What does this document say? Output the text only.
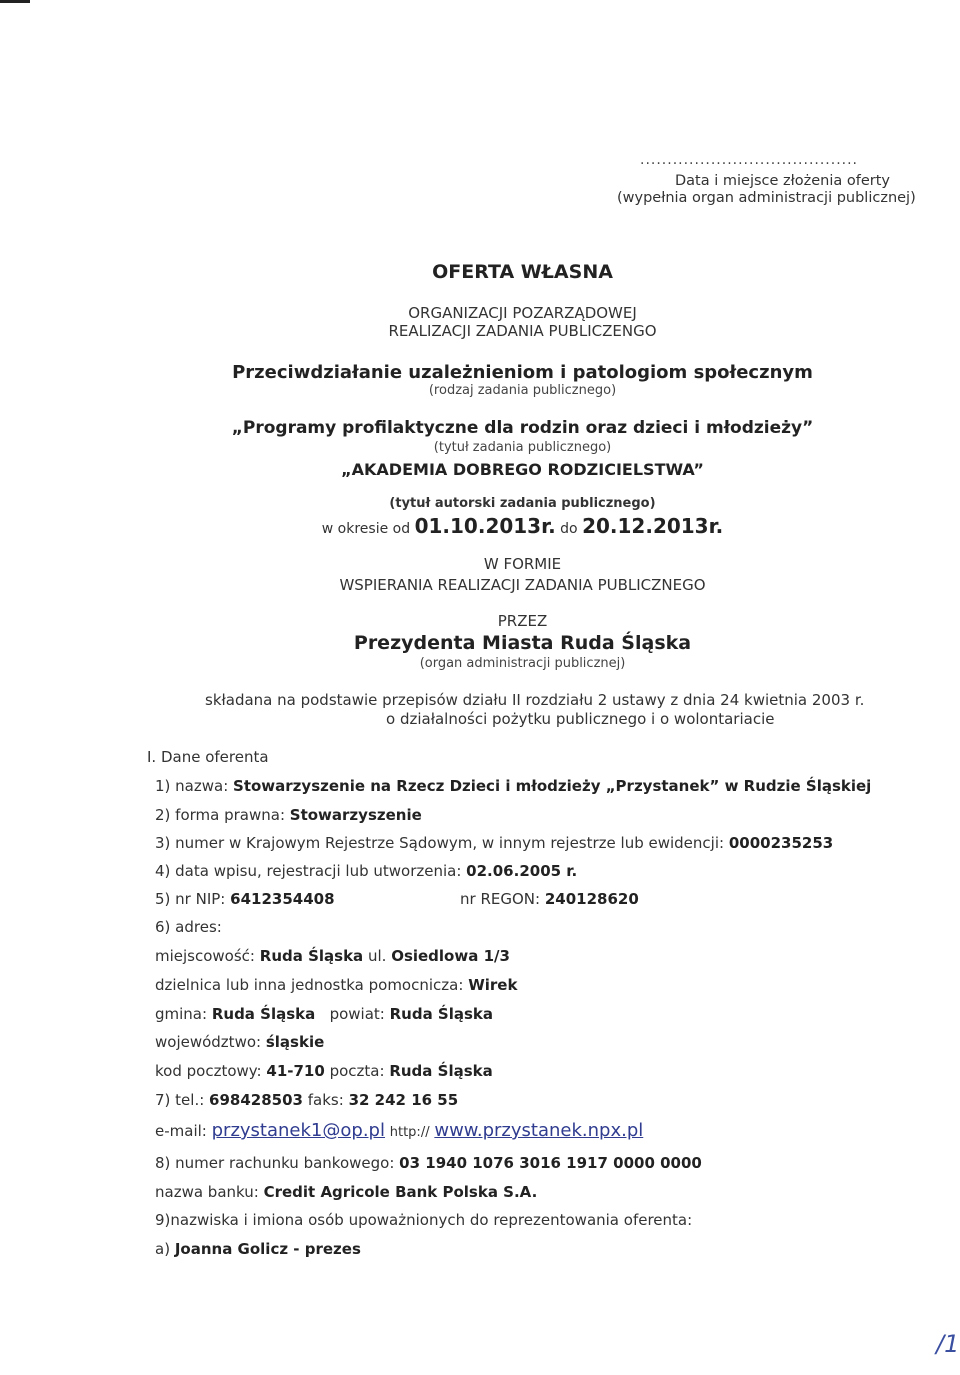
........................................
Data i miejsce złożenia oferty
(wypełnia organ administracji publicznej)
OFERTA WŁASNA
ORGANIZACJI POZARZĄDOWEJ
REALIZACJI ZADANIA PUBLICZENGO
Przeciwdziałanie uzależnieniom i patologiom społecznym
(rodzaj zadania publicznego)
„Programy profilaktyczne dla rodzin oraz dzieci i młodzieży”
(tytuł zadania publicznego)
„AKADEMIA DOBREGO RODZICIELSTWA”
(tytuł autorski zadania publicznego)
w okresie od 01.10.2013r. do 20.12.2013r.
W FORMIE
WSPIERANIA REALIZACJI ZADANIA PUBLICZNEGO
PRZEZ
Prezydenta Miasta Ruda Śląska
(organ administracji publicznej)
składana na podstawie przepisów działu II rozdziału 2 ustawy z dnia 24 kwietnia 2003 r.
o działalności pożytku publicznego i o wolontariacie
I. Dane oferenta
1) nazwa: Stowarzyszenie na Rzecz Dzieci i młodzieży „Przystanek” w Rudzie Śląskiej
2) forma prawna: Stowarzyszenie
3) numer w Krajowym Rejestrze Sądowym, w innym rejestrze lub ewidencji: 0000235253
4) data wpisu, rejestracji lub utworzenia: 02.06.2005 r.
5) nr NIP: 6412354408	nr REGON: 240128620
6) adres:
miejscowość: Ruda Śląska ul. Osiedlowa 1/3
dzielnica lub inna jednostka pomocnicza: Wirek
gmina: Ruda Śląska powiat: Ruda Śląska
województwo: śląskie
kod pocztowy: 41-710 poczta: Ruda Śląska
7) tel.: 698428503 faks: 32 242 16 55
e-mail: przystanek1@op.pl http:// www.przystanek.npx.pl
8) numer rachunku bankowego: 03 1940 1076 3016 1917 0000 0000
nazwa banku: Credit Agricole Bank Polska S.A.
9)nazwiska i imiona osób upoważnionych do reprezentowania oferenta:
a) Joanna Golicz - prezes
/1
